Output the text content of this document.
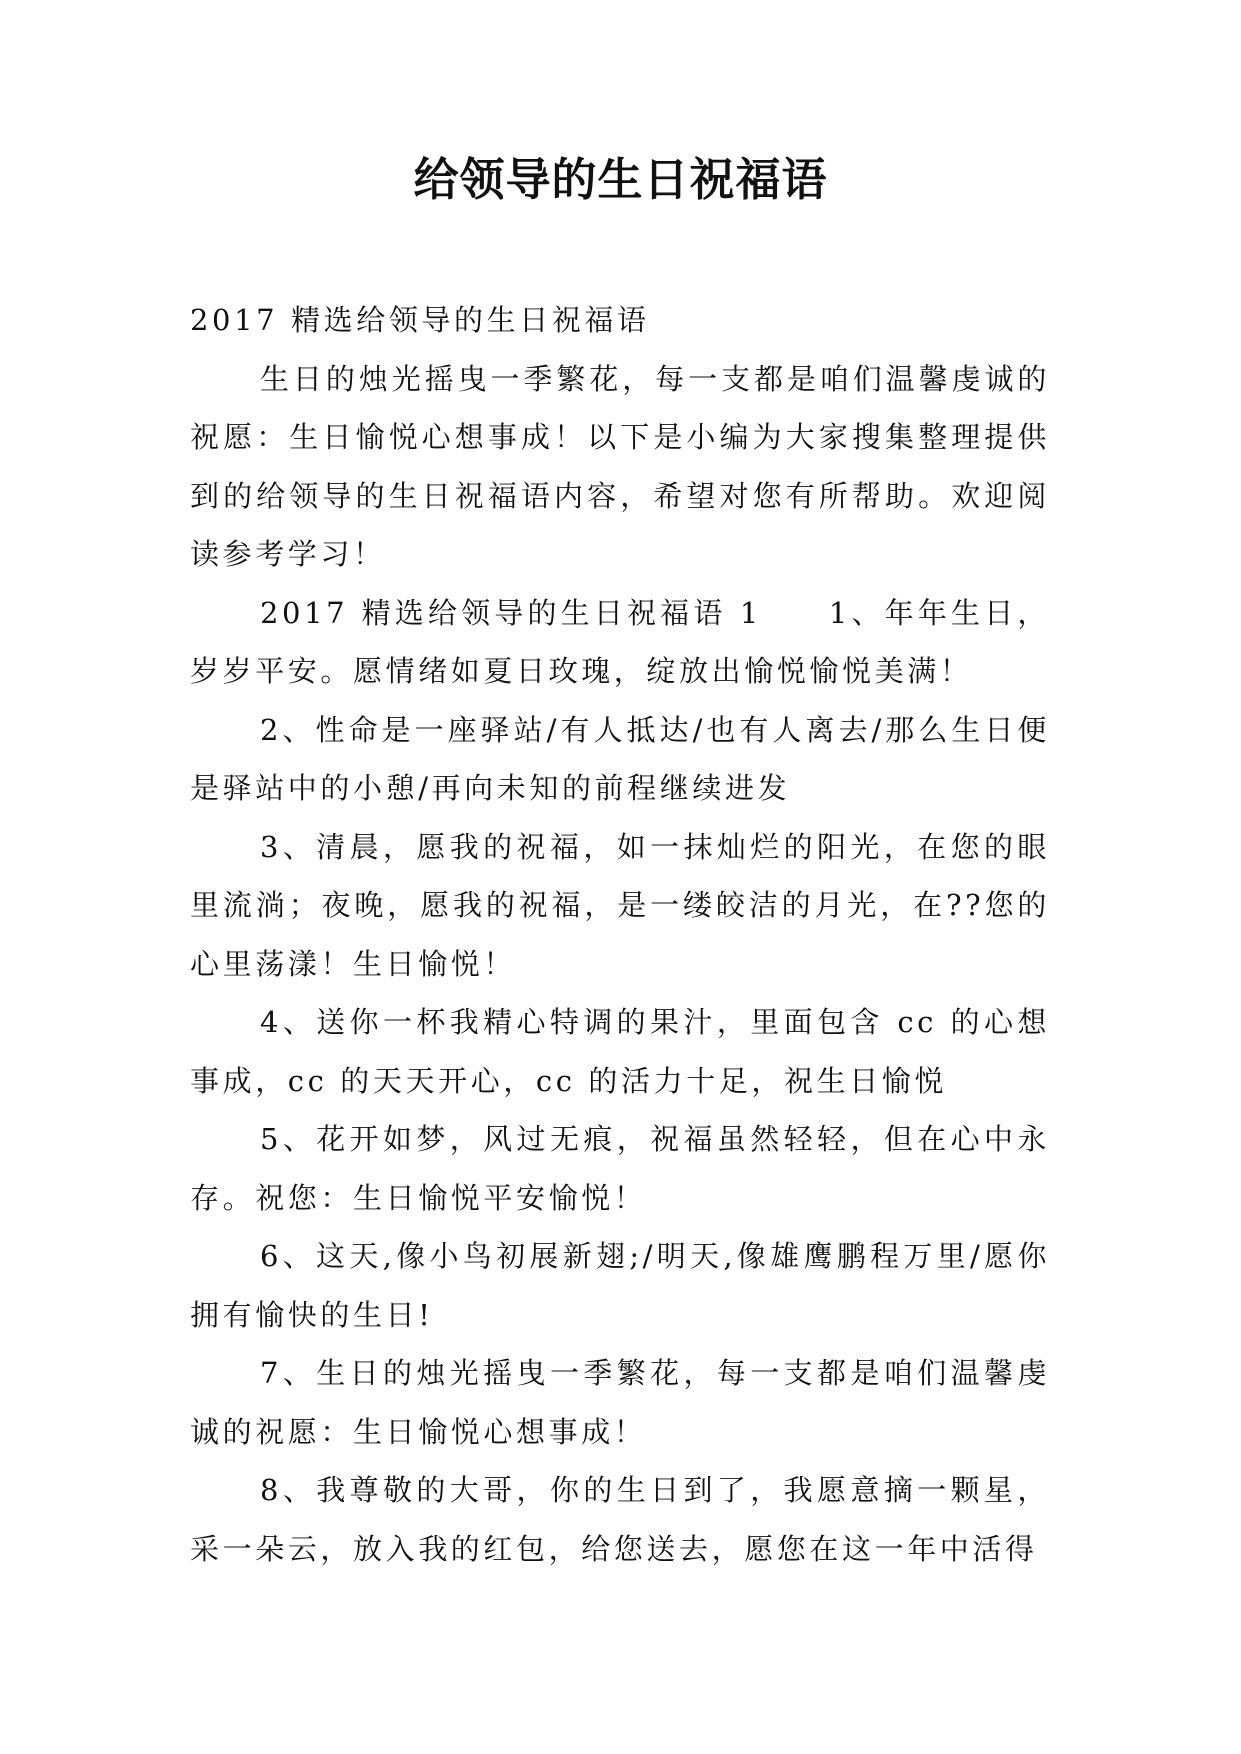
给领导的生日祝福语

2017 精选给领导的生日祝福语

生日的烛光摇曳一季繁花，每一支都是咱们温馨虔诚的祝愿：生日愉悦心想事成！以下是小编为大家搜集整理提供到的给领导的生日祝福语内容，希望对您有所帮助。欢迎阅读参考学习！

2017 精选给领导的生日祝福语 1　　1、年年生日，岁岁平安。愿情绪如夏日玫瑰，绽放出愉悦愉悦美满！

2、性命是一座驿站/有人抵达/也有人离去/那么生日便是驿站中的小憩/再向未知的前程继续进发

3、清晨，愿我的祝福，如一抹灿烂的阳光，在您的眼里流淌；夜晚，愿我的祝福，是一缕皎洁的月光，在??您的心里荡漾！生日愉悦！

4、送你一杯我精心特调的果汁，里面包含 cc 的心想事成，cc 的天天开心，cc 的活力十足，祝生日愉悦

5、花开如梦，风过无痕，祝福虽然轻轻，但在心中永存。祝您：生日愉悦平安愉悦！

6、这天,像小鸟初展新翅;/明天,像雄鹰鹏程万里/愿你拥有愉快的生日!

7、生日的烛光摇曳一季繁花，每一支都是咱们温馨虔诚的祝愿：生日愉悦心想事成！

8、我尊敬的大哥，你的生日到了，我愿意摘一颗星，采一朵云，放入我的红包，给您送去，愿您在这一年中活得
